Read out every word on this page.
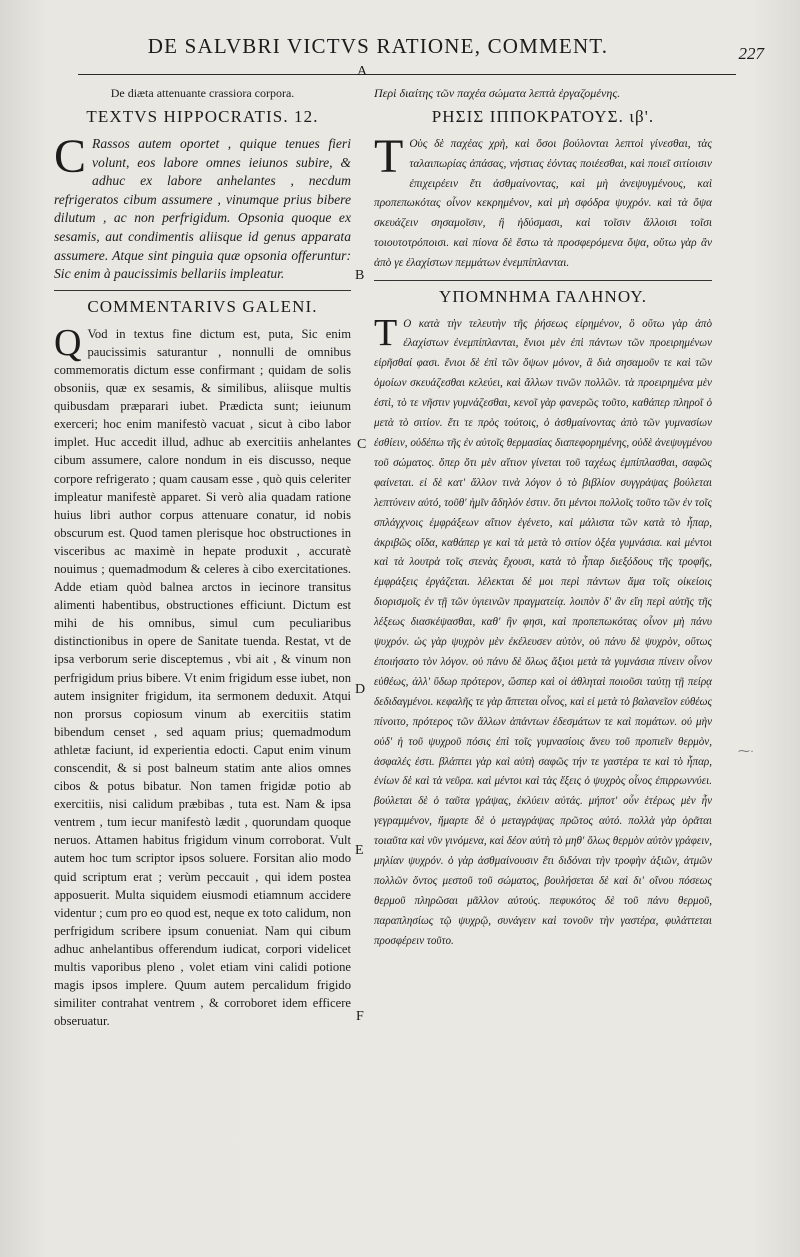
DE SALVBRI VICTVS RATIONE, COMMENT.	227
A
B
C
D
E
F
De diæta attenuante crassiora corpora.
TEXTVS HIPPOCRATIS. 12.
C Rassos autem oportet , quique tenues fieri volunt, eos labore omnes ieiunos subire, & adhuc ex labore anhelantes , necdum refrigeratos cibum assumere , vinumque prius bibere dilutum , ac non perfrigidum. Opsonia quoque ex sesamis, aut condimentis aliisque id genus apparata assumere. Atque sint pinguia quæ opsonia offeruntur: Sic enim à paucissimis bellariis impleatur.
COMMENTARIVS GALENI.
Q Vod in textus fine dictum est, puta, Sic enim paucissimis saturantur , nonnulli de omnibus commemoratis dictum esse confirmant ; quidam de solis obsoniis, quæ ex sesamis, & similibus, aliisque multis quibusdam præparari iubet. Prædicta sunt; ieiunum exerceri; hoc enim manifestò vacuat , sicut à cibo labor implet. Huc accedit illud, adhuc ab exercitiis anhelantes cibum assumere, calore nondum in eis discusso, neque corpore refrigerato ; quam causam esse , quò quis celeriter impleatur manifestè apparet. Si verò alia quadam ratione huius libri author corpus attenuare conatur, id nobis obscurum est. Quod tamen plerisque hoc obstructiones in visceribus ac maximè in hepate produxit , accuratè nouimus ; quemadmodum & celeres à cibo exercitationes. Adde etiam quòd balnea arctos in iecinore transitus alimenti habentibus, obstructiones efficiunt. Dictum est mihi de his omnibus, simul cum peculiaribus distinctionibus in opere de Sanitate tuenda. Restat, vt de ipsa verborum serie disceptemus , vbi ait , & vinum non perfrigidum prius bibere. Vt enim frigidum esse iubet, non autem insigniter frigidum, ita sermonem deduxit. Atqui non prorsus copiosum vinum ab exercitiis statim bibendum censet , sed aquam prius; quemadmodum athletæ faciunt, id experientia edocti. Caput enim vinum conscendit, & si post balneum statim ante alios omnes cibos & potus bibatur. Non tamen frigidæ potio ab exercitiis, nisi calidum præbibas , tuta est. Nam & ipsa ventrem , tum iecur manifestò lædit , quorundam quoque neruos. Attamen habitus frigidum vinum corroborat. Vult autem hoc tum scriptor ipsos soluere. Forsitan alio modo quid scriptum erat ; verùm peccauit , qui idem postea apposuerit. Multa siquidem eiusmodi etiamnum accidere videntur ; cum pro eo quod est, neque ex toto calidum, non perfrigidum scribere ipsum conueniat. Nam qui cibum adhuc anhelantibus offerendum iudicat, corpori videlicet multis vaporibus pleno , volet etiam vini calidi potione magis ipsos implere. Quum autem percalidum frigido similiter contrahat ventrem , & corroboret idem efficere obseruatur.
Περὶ διαίτης τῶν παχέα σώματα λεπτὰ ἐργαζομένης.
ΡΗΣΙΣ ΙΠΠΟΚΡΑΤΟΥΣ. ιβ'.
Τ Οὺς δὲ παχέας χρὴ, καὶ ὅσοι βούλονται λεπτοὶ γίνεσθαι, τὰς ταλαιπωρίας ἁπάσας, νήστιας ἐόντας ποιέεσθαι, καὶ ποιεῖ σιτίοισιν ἐπιχειρέειν ἔτι ἀσθμαίνοντας, καὶ μὴ ἀνεψυγμένους, καὶ προπεπωκότας οἶνον κεκρημένον, καὶ μὴ σφόδρα ψυχρόν. καὶ τὰ ὄψα σκευάζειν σησαμοῖσιν, ἢ ἡδύσμασι, καὶ τοῖσιν ἄλλοισι τοῖσι τοιουτοτρόποισι. καὶ πίονα δὲ ἔστω τὰ προσφερόμενα ὄψα, οὕτω γὰρ ἂν ἀπὸ γε ἐλαχίστων πεμμάτων ἐνεμπίπλανται.
ΥΠΟΜΝΗΜΑ ΓΑΛΗΝΟΥ.
Τ Ο κατὰ τὴν τελευτὴν τῆς ῥήσεως εἰρημένον, ὃ οὕτω γὰρ ἀπὸ ἐλαχίστων ἐνεμπίπλανται, ἔνιοι μὲν ἐπὶ πάντων τῶν προειρημένων εἰρῆσθαί φασι. ἔνιοι δὲ ἐπὶ τῶν ὄψων μόνον, ἃ διὰ σησαμοῦν τε καὶ τῶν ὁμοίων σκευάζεσθαι κελεύει, καὶ ἄλλων τινῶν πολλῶν. τὰ προειρημένα μὲν ἐστὶ, τὸ τε νῆστιν γυμνάζεσθαι, κενοῖ γὰρ φανερῶς τοῦτο, καθάπερ πληροῖ ὁ μετὰ τὸ σιτίον. ἔτι τε πρὸς τούτοις, ὁ ἀσθμαίνοντας ἀπὸ τῶν γυμνασίων ἐσθίειν, οὐδέπω τῆς ἐν αὐτοῖς θερμασίας διαπεφορημένης, οὐδὲ ἀνεψυγμένου τοῦ σώματος. ὅπερ ὅτι μὲν αἴτιον γίνεται τοῦ ταχέως ἐμπίπλασθαι, σαφῶς φαίνεται. εἰ δὲ κατ' ἄλλον τινὰ λόγον ὁ τὸ βιβλίον συγγράψας βούλεται λεπτύνειν αὐτό, τοῦθ' ἡμῖν ἄδηλόν ἐστιν. ὅτι μέντοι πολλοῖς τοῦτο τῶν ἐν τοῖς σπλάγχνοις ἐμφράξεων αἴτιον ἐγένετο, καὶ μάλιστα τῶν κατὰ τὸ ἧπαρ, ἀκριβῶς οἴδα, καθάπερ γε καὶ τὰ μετὰ τὸ σιτίον ὀξέα γυμνάσια. καὶ μέντοι καὶ τὰ λουτρὰ τοῖς στενὰς ἔχουσι, κατὰ τὸ ἧπαρ διεξόδους τῆς τροφῆς, ἐμφράξεις ἐργάζεται. λέλεκται δέ μοι περὶ πάντων ἅμα τοῖς οἰκείοις διορισμοῖς ἐν τῇ τῶν ὑγιεινῶν πραγματείᾳ. λοιπὸν δ' ἂν εἴη περὶ αὐτῆς τῆς λέξεως διασκέψασθαι, καθ' ἣν φησι, καὶ προπεπωκότας οἶνον μὴ πάνυ ψυχρόν. ὡς γὰρ ψυχρὸν μὲν ἐκέλευσεν αὐτὸν, οὐ πάνυ δὲ ψυχρὸν, οὕτως ἐποιήσατο τὸν λόγον. οὐ πάνυ δὲ ὅλως ἄξιοι μετὰ τὰ γυμνάσια πίνειν οἶνον εὐθέως, ἀλλ' ὕδωρ πρότερον, ὥσπερ καὶ οἱ ἀθληταὶ ποιοῦσι ταύτῃ τῇ πείρᾳ δεδιδαγμένοι. κεφαλῆς τε γὰρ ἅπτεται οἶνος, καὶ εἰ μετὰ τὸ βαλανεῖον εὐθέως πίνοιτο, πρότερος τῶν ἄλλων ἁπάντων ἐδεσμάτων τε καὶ πομάτων. οὐ μὴν οὐδ' ἡ τοῦ ψυχροῦ πόσις ἐπὶ τοῖς γυμνασίοις ἄνευ τοῦ προπιεῖν θερμὸν, ἀσφαλές ἐστι. βλάπτει γὰρ καὶ αὐτὴ σαφῶς τήν τε γαστέρα τε καὶ τὸ ἧπαρ, ἐνίων δὲ καὶ τὰ νεῦρα. καὶ μέντοι καὶ τὰς ἕξεις ὁ ψυχρὸς οἶνος ἐπιρρωννύει. βούλεται δὲ ὁ ταῦτα γράψας, ἐκλύειν αὐτάς. μήποτ' οὖν ἑτέρως μὲν ἦν γεγραμμένον, ἥμαρτε δὲ ὁ μεταγράψας πρῶτος αὐτό. πολλὰ γὰρ ὁρᾶται τοιαῦτα καὶ νῦν γινόμενα, καὶ δέον αὐτὴ τὸ μηθ' ὅλως θερμὸν αὐτὸν γράφειν, μηλίαν ψυχρόν. ὁ γὰρ ἀσθμαίνουσιν ἔτι διδόναι τὴν τροφὴν ἀξιῶν, ἀτμῶν πολλῶν ὄντος μεστοῦ τοῦ σώματος, βουλήσεται δὲ καὶ δι' οἴνου πόσεως θερμοῦ πληρῶσαι μᾶλλον αὐτούς. πεφυκότος δὲ τοῦ πάνυ θερμοῦ, παραπλησίως τῷ ψυχρῷ, συνάγειν καὶ τονοῦν τὴν γαστέρα, φυλάττεται προσφέρειν τοῦτο.
⁓·
